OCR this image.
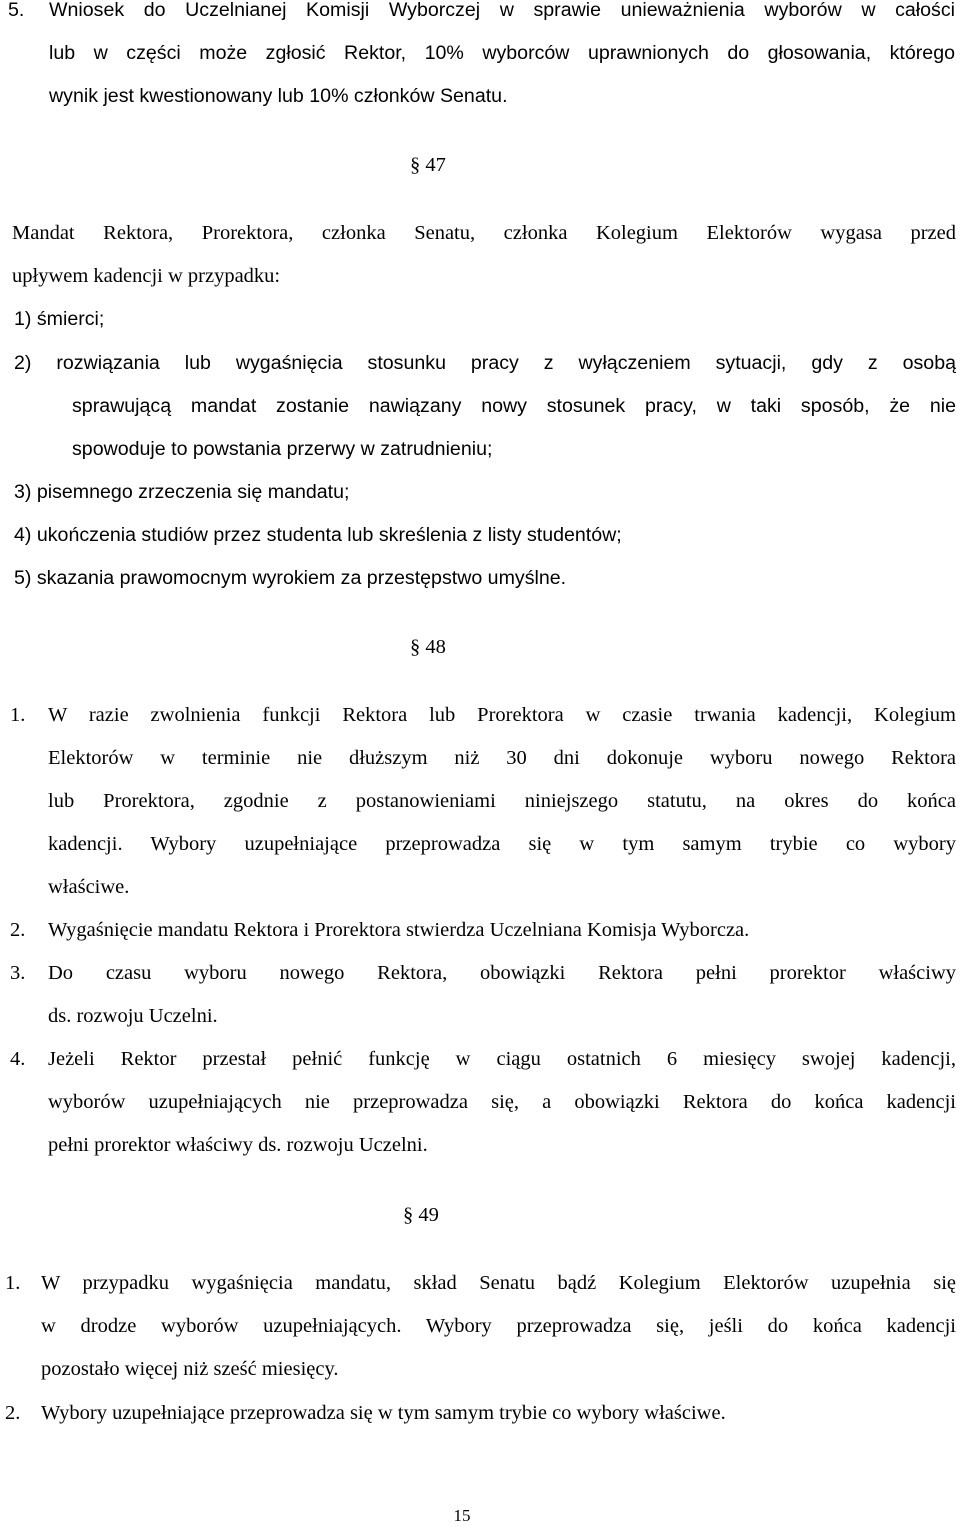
5. Wniosek do Uczelnianej Komisji Wyborczej w sprawie unieważnienia wyborów w całości
lub w części może zgłosić Rektor, 10% wyborców uprawnionych do głosowania, którego
wynik jest kwestionowany lub 10% członków Senatu.
§ 47
Mandat Rektora, Prorektora, członka Senatu, członka Kolegium Elektorów wygasa przed
upływem kadencji w przypadku:
1) śmierci;
2) rozwiązania lub wygaśnięcia stosunku pracy z wyłączeniem sytuacji, gdy z osobą
sprawującą mandat zostanie nawiązany nowy stosunek pracy, w taki sposób, że nie
spowoduje to powstania przerwy w zatrudnieniu;
3) pisemnego zrzeczenia się mandatu;
4) ukończenia studiów przez studenta lub skreślenia z listy studentów;
5) skazania prawomocnym wyrokiem za przestępstwo umyślne.
§ 48
1. W razie zwolnienia funkcji Rektora lub Prorektora w czasie trwania kadencji, Kolegium
Elektorów w terminie nie dłuższym niż 30 dni dokonuje wyboru nowego Rektora
lub Prorektora, zgodnie z postanowieniami niniejszego statutu, na okres do końca
kadencji. Wybory uzupełniające przeprowadza się w tym samym trybie co wybory
właściwe.
2. Wygaśnięcie mandatu Rektora i Prorektora stwierdza Uczelniana Komisja Wyborcza.
3. Do czasu wyboru nowego Rektora, obowiązki Rektora pełni prorektor właściwy
ds. rozwoju Uczelni.
4. Jeżeli Rektor przestał pełnić funkcję w ciągu ostatnich 6 miesięcy swojej kadencji,
wyborów uzupełniających nie przeprowadza się, a obowiązki Rektora do końca kadencji
pełni prorektor właściwy ds. rozwoju Uczelni.
§ 49
1. W przypadku wygaśnięcia mandatu, skład Senatu bądź Kolegium Elektorów uzupełnia się
w drodze wyborów uzupełniających. Wybory przeprowadza się, jeśli do końca kadencji
pozostało więcej niż sześć miesięcy.
2. Wybory uzupełniające przeprowadza się w tym samym trybie co wybory właściwe.
15
